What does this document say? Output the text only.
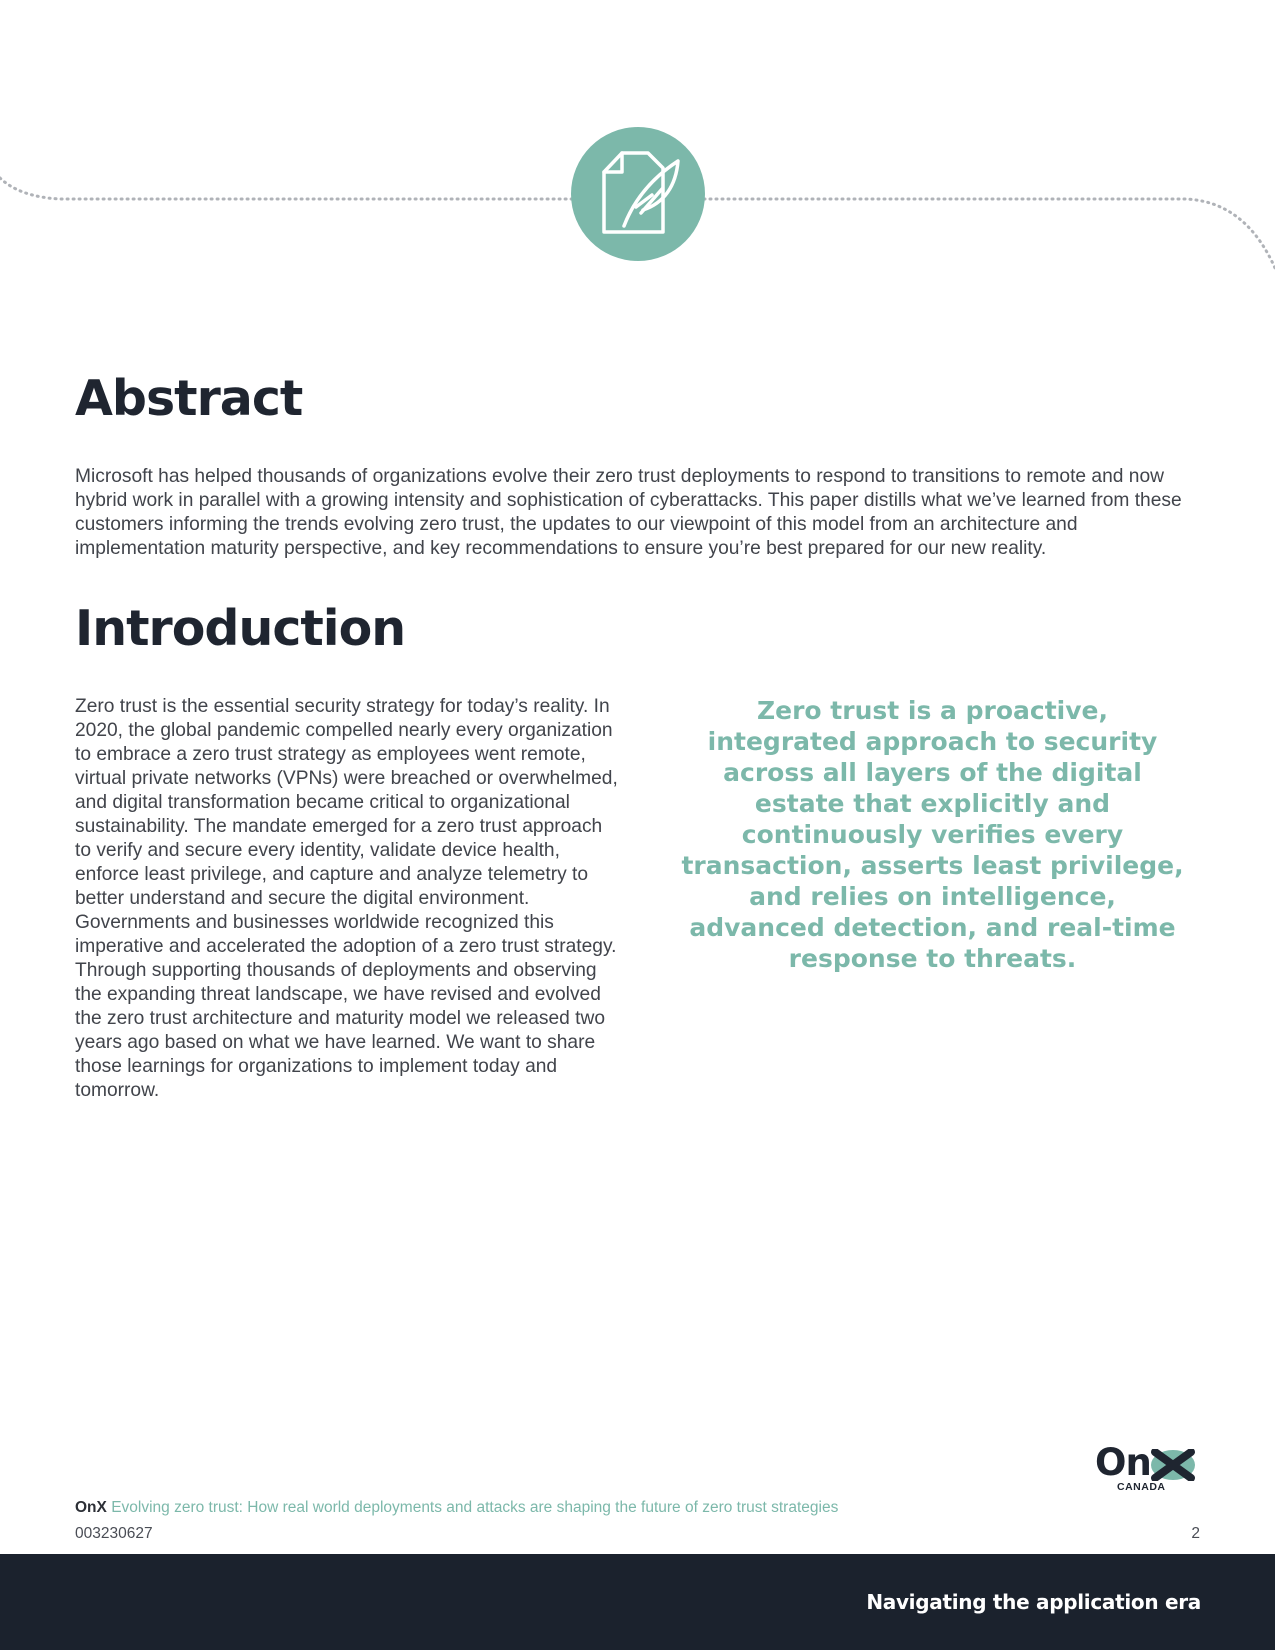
Abstract

Microsoft has helped thousands of organizations evolve their zero trust deployments to respond to transitions to remote and now hybrid work in parallel with a growing intensity and sophistication of cyberattacks. This paper distills what we’ve learned from these customers informing the trends evolving zero trust, the updates to our viewpoint of this model from an architecture and implementation maturity perspective, and key recommendations to ensure you’re best prepared for our new reality.

Introduction

Zero trust is the essential security strategy for today’s reality. In 2020, the global pandemic compelled nearly every organization to embrace a zero trust strategy as employees went remote, virtual private networks (VPNs) were breached or overwhelmed, and digital transformation became critical to organizational sustainability. The mandate emerged for a zero trust approach to verify and secure every identity, validate device health, enforce least privilege, and capture and analyze telemetry to better understand and secure the digital environment. Governments and businesses worldwide recognized this imperative and accelerated the adoption of a zero trust strategy. Through supporting thousands of deployments and observing the expanding threat landscape, we have revised and evolved the zero trust architecture and maturity model we released two years ago based on what we have learned. We want to share those learnings for organizations to implement today and tomorrow.

Zero trust is a proactive, integrated approach to security across all layers of the digital estate that explicitly and continuously verifies every transaction, asserts least privilege, and relies on intelligence, advanced detection, and real-time response to threats.

On
CANADA
OnX Evolving zero trust: How real world deployments and attacks are shaping the future of zero trust strategies
003230627	2
Navigating the application era
